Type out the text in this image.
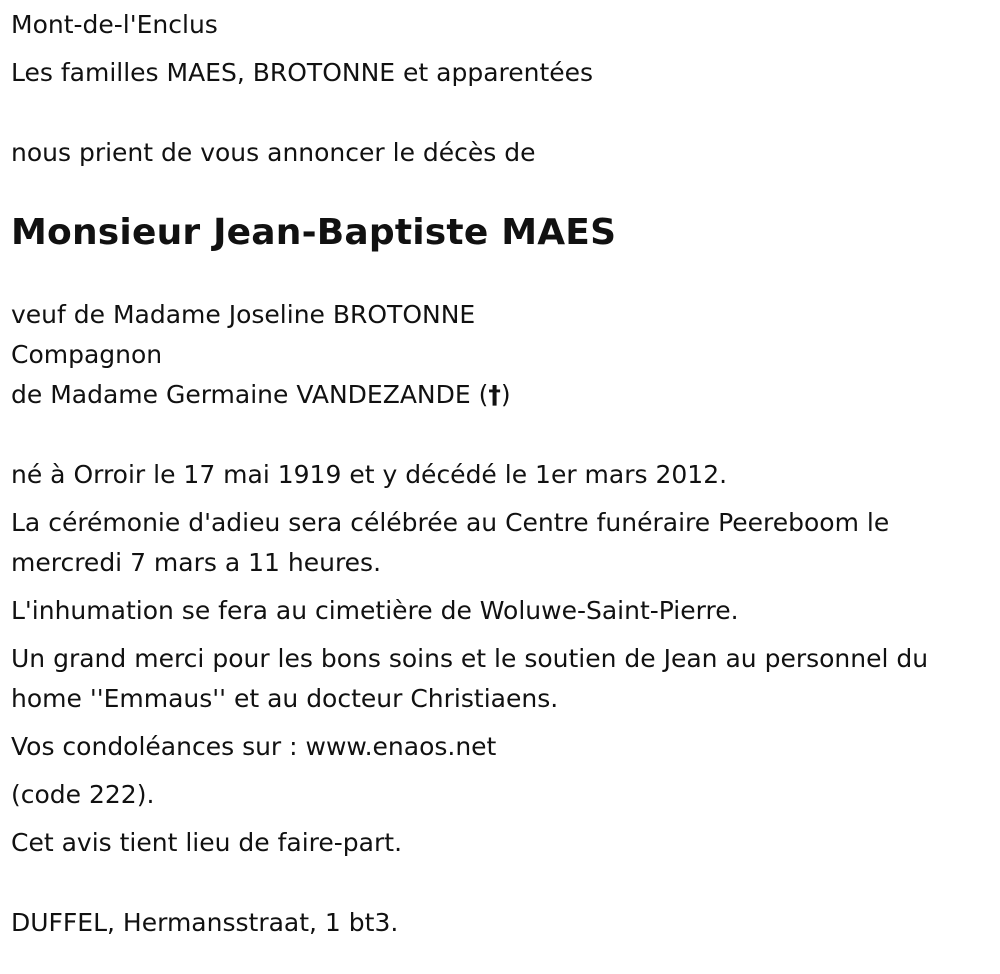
Mont-de-l'Enclus
Les familles MAES, BROTONNE et apparentées
nous prient de vous annoncer le décès de
Monsieur Jean-Baptiste MAES
veuf de Madame Joseline BROTONNE
Compagnon
de Madame Germaine VANDEZANDE (†)
né à Orroir le 17 mai 1919 et y décédé le 1er mars 2012.
La cérémonie d'adieu sera célébrée au Centre funéraire Peereboom le mercredi 7 mars a 11 heures.
L'inhumation se fera au cimetière de Woluwe-Saint-Pierre.
Un grand merci pour les bons soins et le soutien de Jean au personnel du home ''Emmaus'' et au docteur Christiaens.
Vos condoléances sur : www.enaos.net
(code 222).
Cet avis tient lieu de faire-part.
DUFFEL, Hermansstraat, 1 bt3.
